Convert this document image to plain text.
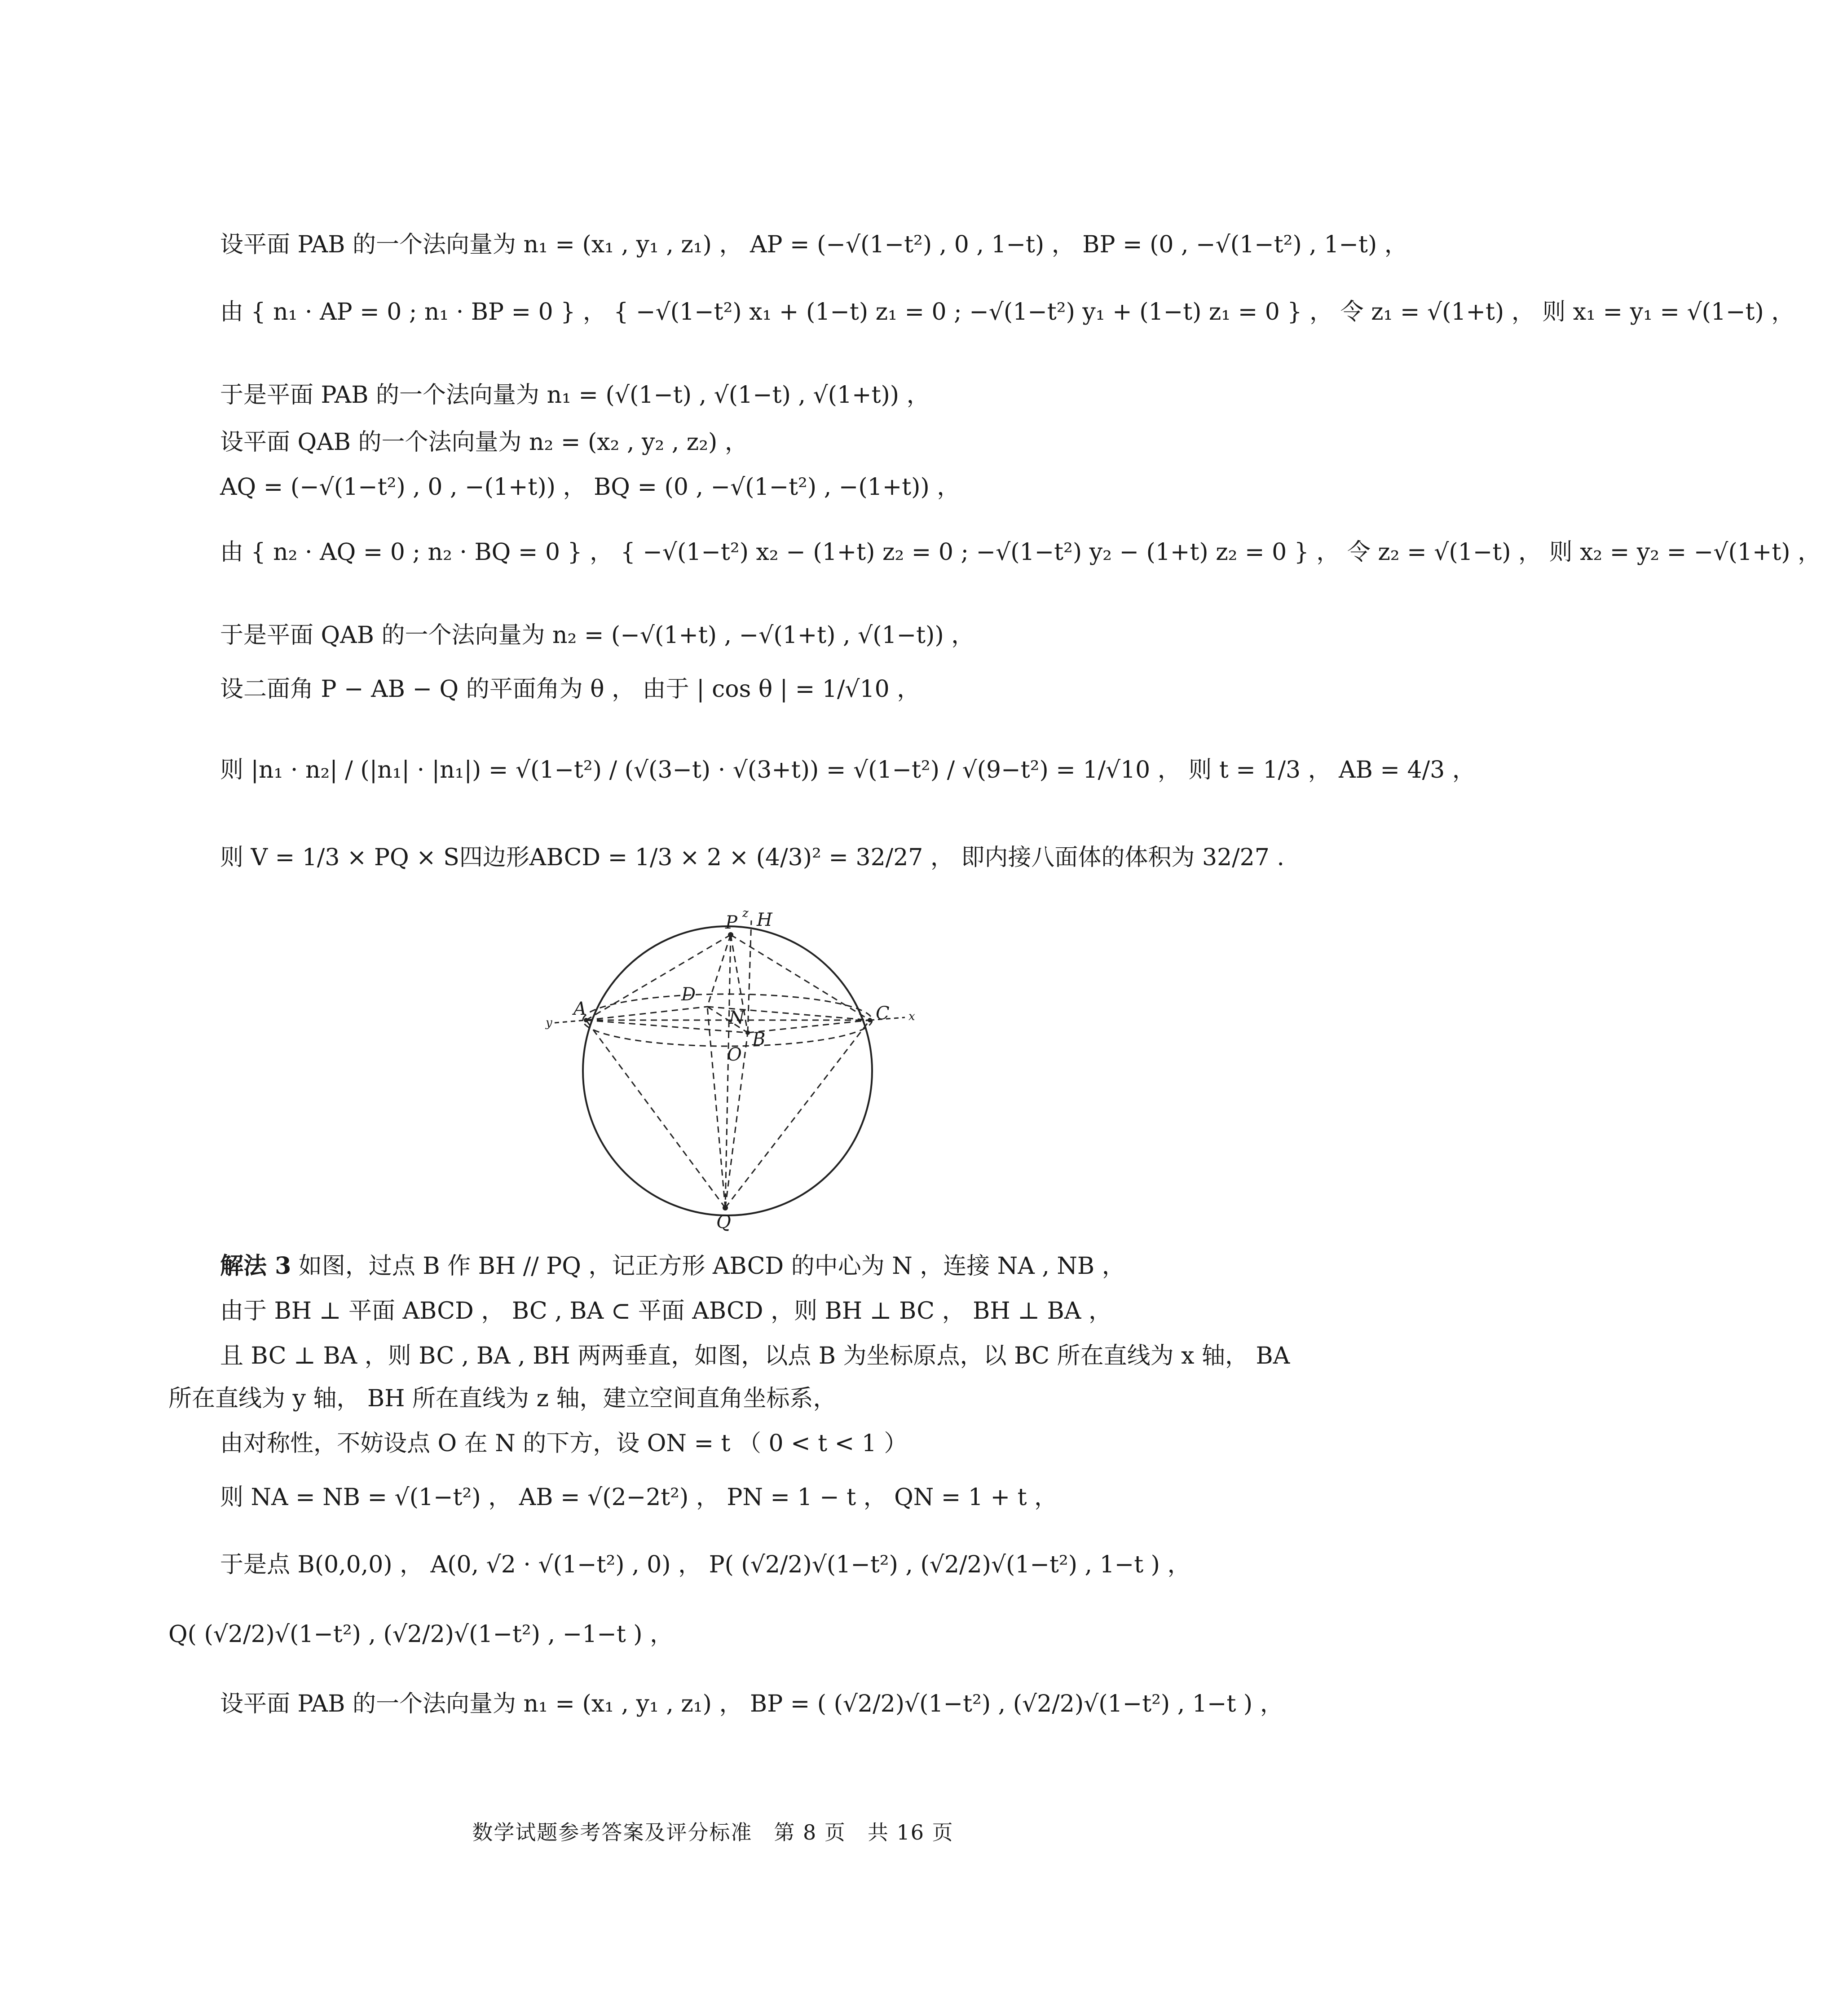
设平面 PAB 的一个法向量为 n₁ = (x₁ , y₁ , z₁) ， AP = (−√(1−t²) , 0 , 1−t) ， BP = (0 , −√(1−t²) , 1−t) ，
由 { n₁ · AP = 0 ; n₁ · BP = 0 } ， { −√(1−t²) x₁ + (1−t) z₁ = 0 ; −√(1−t²) y₁ + (1−t) z₁ = 0 } ， 令 z₁ = √(1+t) ， 则 x₁ = y₁ = √(1−t) ，
于是平面 PAB 的一个法向量为 n₁ = (√(1−t) , √(1−t) , √(1+t)) ，
设平面 QAB 的一个法向量为 n₂ = (x₂ , y₂ , z₂) ，
AQ = (−√(1−t²) , 0 , −(1+t)) ， BQ = (0 , −√(1−t²) , −(1+t)) ，
由 { n₂ · AQ = 0 ; n₂ · BQ = 0 } ， { −√(1−t²) x₂ − (1+t) z₂ = 0 ; −√(1−t²) y₂ − (1+t) z₂ = 0 } ， 令 z₂ = √(1−t) ， 则 x₂ = y₂ = −√(1+t) ，
于是平面 QAB 的一个法向量为 n₂ = (−√(1+t) , −√(1+t) , √(1−t)) ，
设二面角 P − AB − Q 的平面角为 θ ， 由于 | cos θ | = 1/√10 ，
则 |n₁ · n₂| / (|n₁| · |n₁|) = √(1−t²) / (√(3−t) · √(3+t)) = √(1−t²) / √(9−t²) = 1/√10 ， 则 t = 1/3 ， AB = 4/3 ，
则 V = 1/3 × PQ × S四边形ABCD = 1/3 × 2 × (4/3)² = 32/27 ， 即内接八面体的体积为 32/27 .
P H
z
A	C
D
N
B
O
Q
x
y
解法 3 如图，过点 B 作 BH // PQ ，记正方形 ABCD 的中心为 N ，连接 NA , NB ，
由于 BH ⊥ 平面 ABCD ， BC , BA ⊂ 平面 ABCD ，则 BH ⊥ BC ， BH ⊥ BA ，
且 BC ⊥ BA ，则 BC , BA , BH 两两垂直，如图，以点 B 为坐标原点，以 BC 所在直线为 x 轴， BA
所在直线为 y 轴， BH 所在直线为 z 轴，建立空间直角坐标系，
由对称性，不妨设点 O 在 N 的下方，设 ON = t （ 0 < t < 1 ）
则 NA = NB = √(1−t²) ， AB = √(2−2t²) ， PN = 1 − t ， QN = 1 + t ，
于是点 B(0,0,0) ， A(0, √2 · √(1−t²) , 0) ， P( (√2/2)√(1−t²) , (√2/2)√(1−t²) , 1−t ) ，
Q( (√2/2)√(1−t²) , (√2/2)√(1−t²) , −1−t ) ，
设平面 PAB 的一个法向量为 n₁ = (x₁ , y₁ , z₁) ， BP = ( (√2/2)√(1−t²) , (√2/2)√(1−t²) , 1−t ) ，
数学试题参考答案及评分标准　第 8 页　共 16 页
